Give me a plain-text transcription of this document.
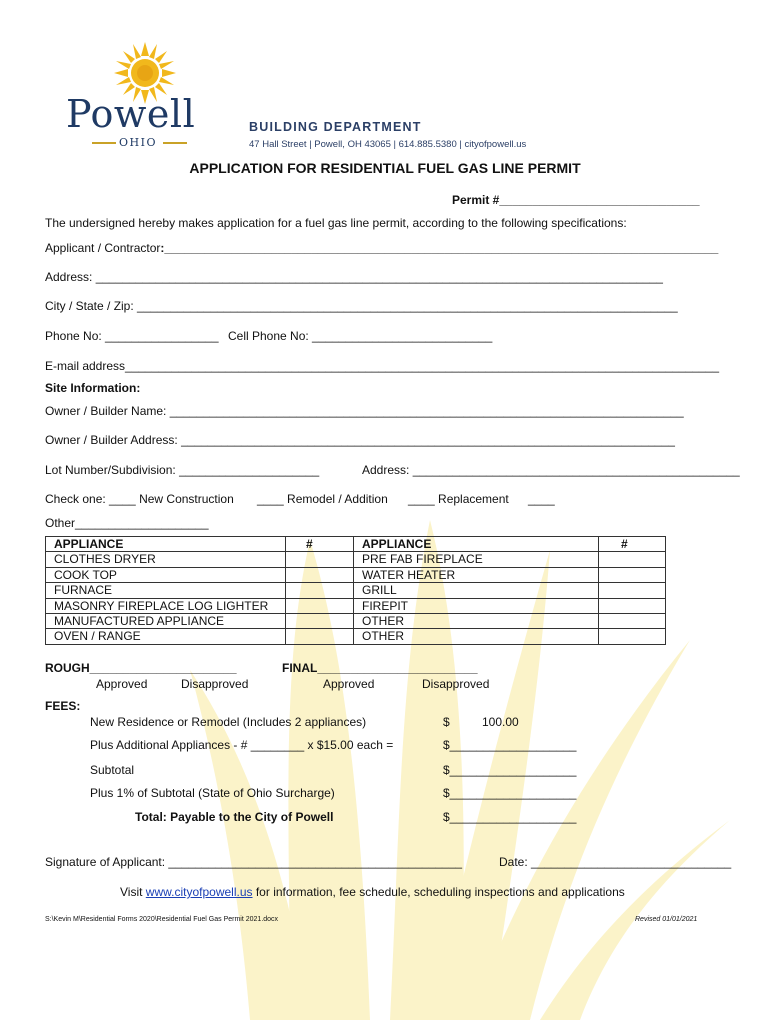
Powell
OHIO
BUILDING DEPARTMENT
47 Hall Street | Powell, OH 43065 | 614.885.5380 | cityofpowell.us
APPLICATION FOR RESIDENTIAL FUEL GAS LINE PERMIT
Permit #______________________________
The undersigned hereby makes application for a fuel gas line permit, according to the following specifications:
Applicant / Contractor:___________________________________________________________________________________
Address: _____________________________________________________________________________________
City / State / Zip: _________________________________________________________________________________
Phone No: _________________ Cell Phone No: ___________________________
E-mail address_________________________________________________________________________________________
Site Information:
Owner / Builder Name: _____________________________________________________________________________
Owner / Builder Address: __________________________________________________________________________
Lot Number/Subdivision: _____________________	Address: _________________________________________________
Check one: ____ New Construction ____ Remodel / Addition ____ Replacement ____
Other____________________
APPLIANCE	#	APPLIANCE	#
CLOTHES DRYER		PRE FAB FIREPLACE	
COOK TOP		WATER HEATER	
FURNACE		GRILL	
MASONRY FIREPLACE LOG LIGHTER		FIREPIT	
MANUFACTURED APPLIANCE		OTHER	
OVEN / RANGE		OTHER	
ROUGH______________________	FINAL________________________
Approved	Disapproved	Approved	Disapproved
FEES:
New Residence or Remodel (Includes 2 appliances)	$	100.00
Plus Additional Appliances - # ________ x $15.00 each =	$___________________
Subtotal	$___________________
Plus 1% of Subtotal (State of Ohio Surcharge)	$___________________
Total: Payable to the City of Powell	$___________________
Signature of Applicant: ____________________________________________	Date: ______________________________
Visit www.cityofpowell.us for information, fee schedule, scheduling inspections and applications
S:\Kevin M\Residential Forms 2020\Residential Fuel Gas Permit 2021.docx	Revised 01/01/2021
